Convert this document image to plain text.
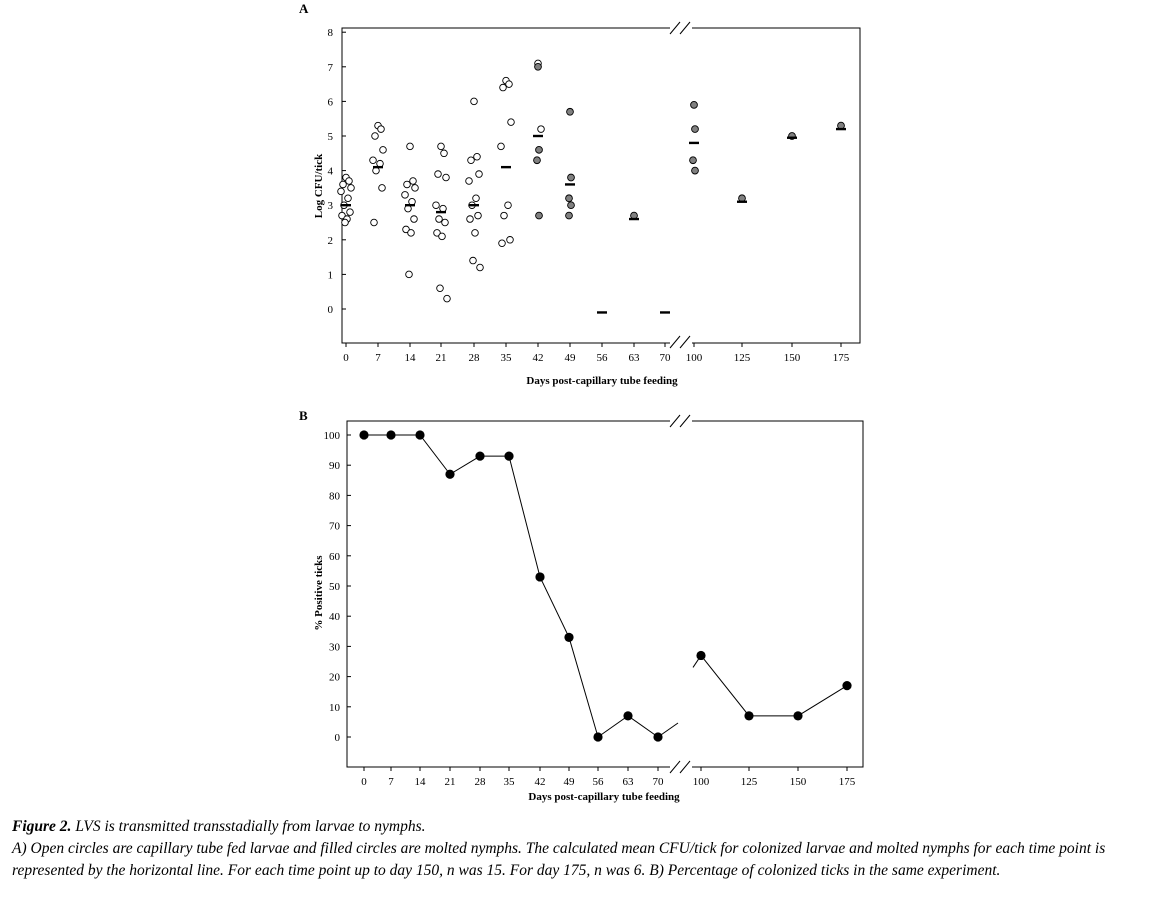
A
0
1
2
3
4
5
6
7
8
0 7 14 21 28 35 42 49 56 63 70 100	125	150	175
Days post-capillary tube feeding
Log CFU/tick
B
0
10
20
30
40
50
60
70
80
90
100
0 7 14 21 28 35 42 49 56 63 70	100	125	150	175
Days post-capillary tube feeding
% Positive ticks

Figure 2. LVS is transmitted transstadially from larvae to nymphs.

A) Open circles are capillary tube fed larvae and filled circles are molted nymphs. The calculated mean CFU/tick for colonized larvae and molted nymphs for each time point is represented by the horizontal line. For each time point up to day 150, n was 15. For day 175, n was 6. B) Percentage of colonized ticks in the same experiment.
